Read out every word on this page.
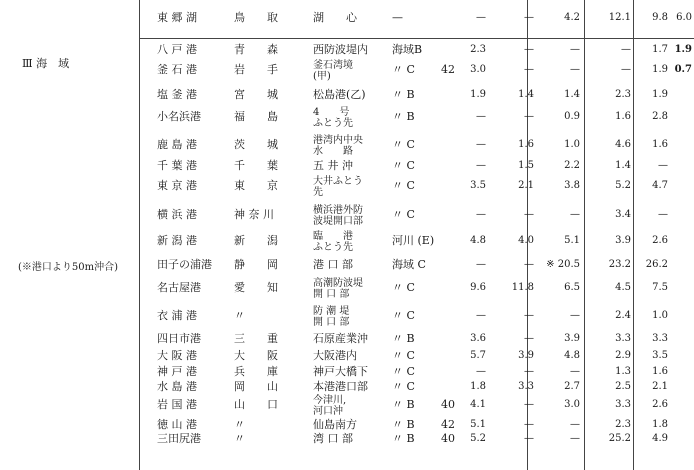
Ⅲ 海　域
(※港口より50m沖合)
東 郷 湖	鳥　　取	湖　　心	—	—	—	4.2	12.1 9.8 6.0
八 戸 港	青　　森	西防波堤内 海域B	2.3	—	—	— 1.7 1.9
釜 石 港	岩　　手	釜石湾境
(甲)
〃 C 42 3.0	—	—	— 1.9 0.7
塩 釜 港	宮　　城	松島港(乙) 〃 B	1.9	1.4	1.4	2.3 1.9
小名浜港	福　　島	4　　号
ふとう先
〃 B	—	—	0.9	1.6 2.8
鹿 島 港	茨　　城	港湾内中央
水　　路
〃 C	—	1.6	1.0	4.6 1.6
千 葉 港	千　　葉	五 井 沖	〃 C	—	1.5	2.2	1.4	—
東 京 港	東　　京	大井ふとう
先
〃 C	3.5	2.1	3.8	5.2 4.7
横 浜 港	神 奈 川	横浜港外防
波堤開口部
〃 C	—	—	—	3.4	—
新 潟 港	新　　潟	臨　　港
ふとう先
河川 (E)	4.8	4.0	5.1	3.9 2.6
田子の浦港 静　　岡	港 口 部	海域 C	—	— ※ 20.5	23.2 26.2
名古屋港	愛　　知	高潮防波堤
開 口 部
〃 C	9.6	11.8	6.5	4.5 7.5
衣 浦 港	〃	防 潮 堤
開 口 部
〃 C	—	—	—	2.4 1.0
四日市港	三　　重	石原産業沖 〃 B	3.6	—	3.9	3.3 3.3
大 阪 港	大　　阪	大阪港内	〃 C	5.7	3.9	4.8	2.9 3.5
神 戸 港	兵　　庫	神戸大橋下 〃 C	—	—	—	1.3 1.6
水 島 港	岡　　山	本港港口部 〃 C	1.8	3.3	2.7	2.5 2.1
岩 国 港	山　　口	今津川,
河口沖
〃 B 40 4.1	—	3.0	3.3 2.6
徳 山 港	〃	仙島南方	〃 B 42 5.1	—	—	2.3 1.8
三田尻港	〃	湾 口 部	〃 B 40 5.2	—	—	25.2 4.9
